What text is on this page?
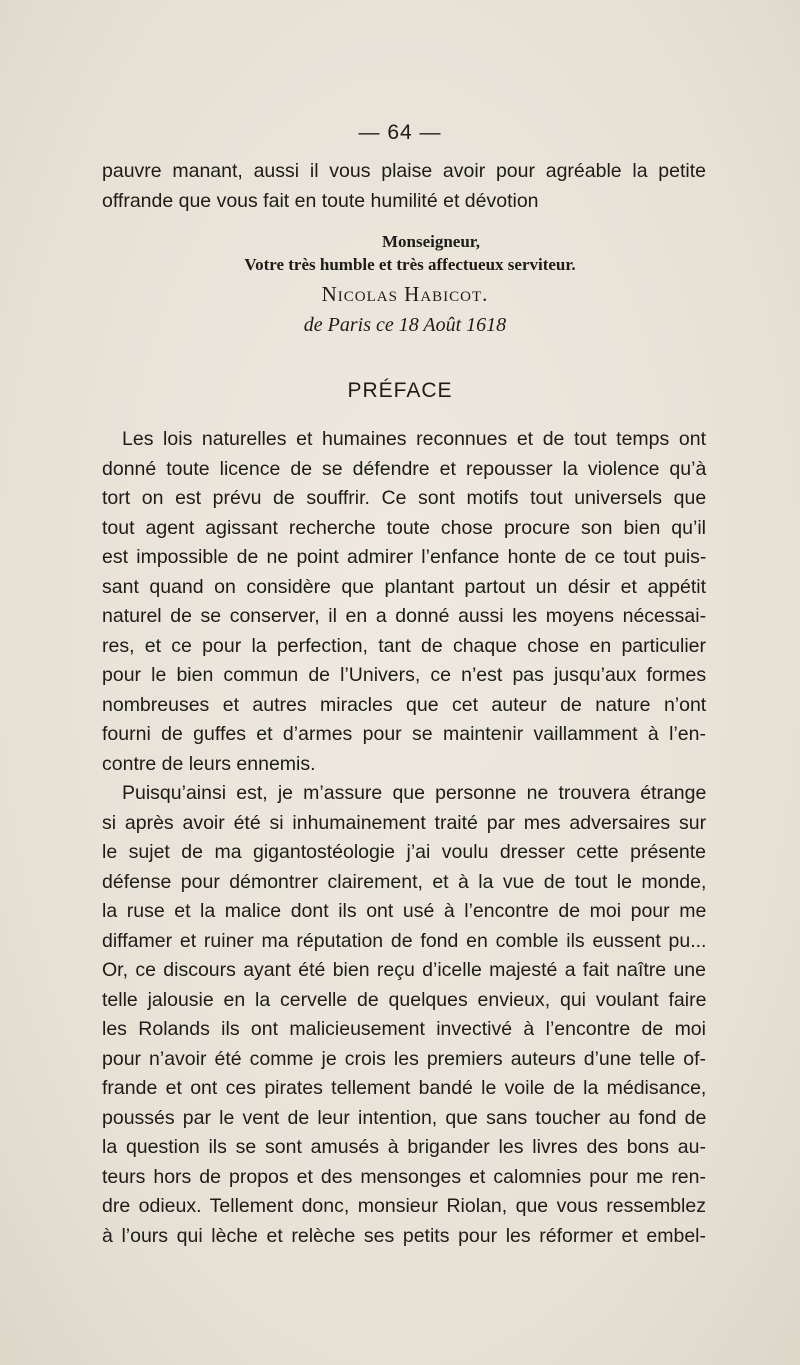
— 64 —

pauvre manant, aussi il vous plaise avoir pour agréable la petite
offrande que vous fait en toute humilité et dévotion

Monseigneur,
Votre très humble et très affectueux serviteur.
Nicolas Habicot.
de Paris ce 18 Août 1618
PRÉFACE

Les lois naturelles et humaines reconnues et de tout temps ont
donné toute licence de se défendre et repousser la violence qu’à
tort on est prévu de souffrir. Ce sont motifs tout universels que
tout agent agissant recherche toute chose procure son bien qu’il
est impossible de ne point admirer l’enfance honte de ce tout puis-
sant quand on considère que plantant partout un désir et appétit
naturel de se conserver, il en a donné aussi les moyens nécessai-
res, et ce pour la perfection, tant de chaque chose en particulier
pour le bien commun de l’Univers, ce n’est pas jusqu’aux formes
nombreuses et autres miracles que cet auteur de nature n’ont
fourni de guffes et d’armes pour se maintenir vaillamment à l’en-
contre de leurs ennemis.

Puisqu’ainsi est, je m’assure que personne ne trouvera étrange
si après avoir été si inhumainement traité par mes adversaires sur
le sujet de ma gigantostéologie j’ai voulu dresser cette présente
défense pour démontrer clairement, et à la vue de tout le monde,
la ruse et la malice dont ils ont usé à l’encontre de moi pour me
diffamer et ruiner ma réputation de fond en comble ils eussent pu...
Or, ce discours ayant été bien reçu d’icelle majesté a fait naître une
telle jalousie en la cervelle de quelques envieux, qui voulant faire
les Rolands ils ont malicieusement invectivé à l’encontre de moi
pour n’avoir été comme je crois les premiers auteurs d’une telle of-
frande et ont ces pirates tellement bandé le voile de la médisance,
poussés par le vent de leur intention, que sans toucher au fond de
la question ils se sont amusés à brigander les livres des bons au-
teurs hors de propos et des mensonges et calomnies pour me ren-
dre odieux. Tellement donc, monsieur Riolan, que vous ressemblez
à l’ours qui lèche et relèche ses petits pour les réformer et embel-
